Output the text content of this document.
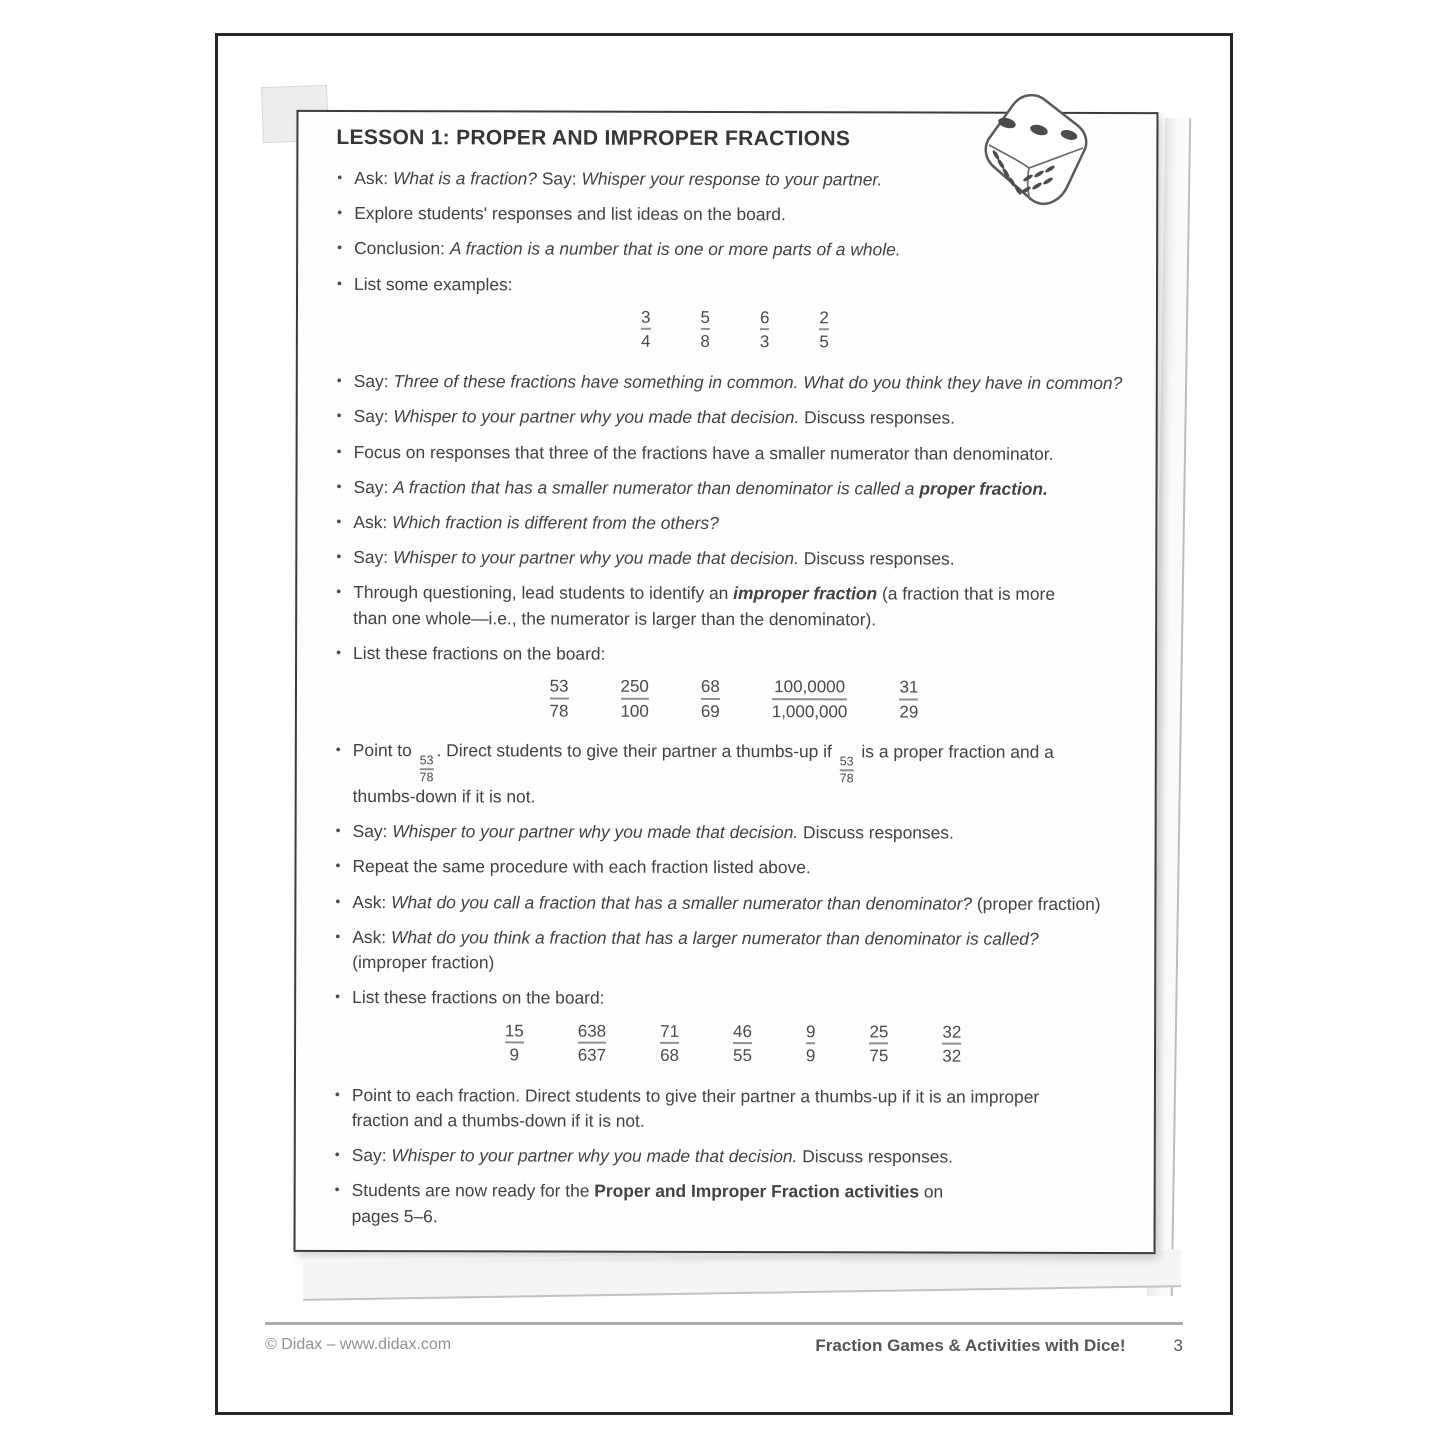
LESSON 1: PROPER AND IMPROPER FRACTIONS
• Ask: What is a fraction? Say: Whisper your response to your partner.
• Explore students' responses and list ideas on the board.
• Conclusion: A fraction is a number that is one or more parts of a whole.
• List some examples:
$\frac{3}{4}$	$\frac{5}{8}$	$\frac{6}{3}$	$\frac{2}{5}$
• Say: Three of these fractions have something in common. What do you think they have in common?
• Say: Whisper to your partner why you made that decision. Discuss responses.
• Focus on responses that three of the fractions have a smaller numerator than denominator.
• Say: A fraction that has a smaller numerator than denominator is called a proper fraction.
• Ask: Which fraction is different from the others?
• Say: Whisper to your partner why you made that decision. Discuss responses.
• Through questioning, lead students to identify an improper fraction (a fraction that is more
than one whole—i.e., the numerator is larger than the denominator).
• List these fractions on the board:
$\frac{53}{78}$	$\frac{250}{100}$	$\frac{68}{69}$	$\frac{100,0000}{1,000,000}$	$\frac{31}{29}$
• Point to
$\frac{53}{78}$
. Direct students to give their partner a thumbs-up if
$\frac{53}{78}$
is a proper fraction and a
thumbs-down if it is not.
• Say: Whisper to your partner why you made that decision. Discuss responses.
• Repeat the same procedure with each fraction listed above.
• Ask: What do you call a fraction that has a smaller numerator than denominator? (proper fraction)
• Ask: What do you think a fraction that has a larger numerator than denominator is called?
(improper fraction)
• List these fractions on the board:
$\frac{15}{9}$	$\frac{638}{637}$	$\frac{71}{68}$	$\frac{46}{55}$	$\frac{9}{9}$	$\frac{25}{75}$	$\frac{32}{32}$
• Point to each fraction. Direct students to give their partner a thumbs-up if it is an improper
fraction and a thumbs-down if it is not.
• Say: Whisper to your partner why you made that decision. Discuss responses.
• Students are now ready for the Proper and Improper Fraction activities on
pages 5–6.
© Didax – www.didax.com	Fraction Games & Activities with Dice!	3
